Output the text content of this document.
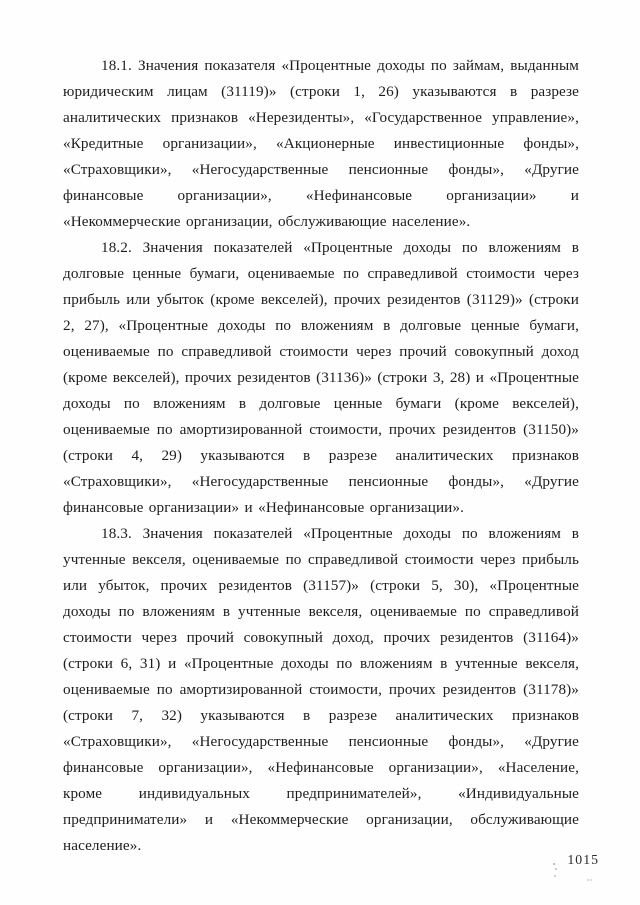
18.1. Значения показателя «Процентные доходы по займам, выданным юридическим лицам (31119)» (строки 1, 26) указываются в разрезе аналитических признаков «Нерезиденты», «Государственное управление», «Кредитные организации», «Акционерные инвестиционные фонды», «Страховщики», «Негосударственные пенсионные фонды», «Другие финансовые организации», «Нефинансовые организации» и «Некоммерческие организации, обслуживающие население».

18.2. Значения показателей «Процентные доходы по вложениям в долговые ценные бумаги, оцениваемые по справедливой стоимости через прибыль или убыток (кроме векселей), прочих резидентов (31129)» (строки 2, 27), «Процентные доходы по вложениям в долговые ценные бумаги, оцениваемые по справедливой стоимости через прочий совокупный доход (кроме векселей), прочих резидентов (31136)» (строки 3, 28) и «Процентные доходы по вложениям в долговые ценные бумаги (кроме векселей), оцениваемые по амортизированной стоимости, прочих резидентов (31150)» (строки 4, 29) указываются в разрезе аналитических признаков «Страховщики», «Негосударственные пенсионные фонды», «Другие финансовые организации» и «Нефинансовые организации».

18.3. Значения показателей «Процентные доходы по вложениям в учтенные векселя, оцениваемые по справедливой стоимости через прибыль или убыток, прочих резидентов (31157)» (строки 5, 30), «Процентные доходы по вложениям в учтенные векселя, оцениваемые по справедливой стоимости через прочий совокупный доход, прочих резидентов (31164)» (строки 6, 31) и «Процентные доходы по вложениям в учтенные векселя, оцениваемые по амортизированной стоимости, прочих резидентов (31178)» (строки 7, 32) указываются в разрезе аналитических признаков «Страховщики», «Негосударственные пенсионные фонды», «Другие финансовые организации», «Нефинансовые организации», «Население, кроме индивидуальных предпринимателей», «Индивидуальные предприниматели» и «Некоммерческие организации, обслуживающие население».

1015
